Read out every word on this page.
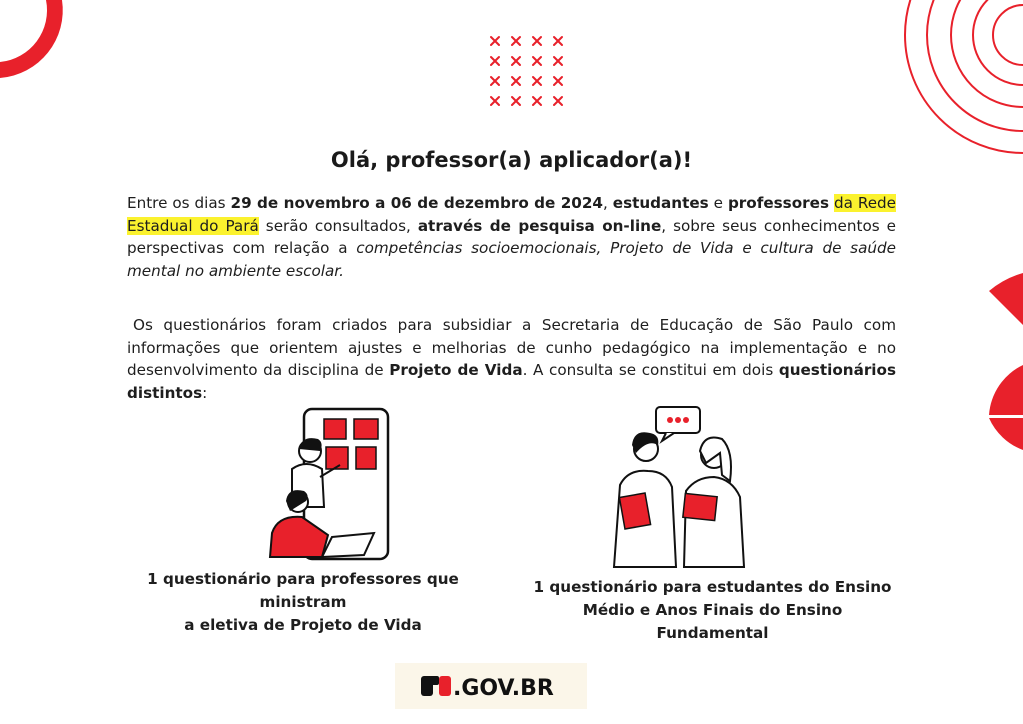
Olá, professor(a) aplicador(a)!
Entre os dias 29 de novembro a 06 de dezembro de 2024, estudantes e professores da Rede Estadual do Pará serão consultados, através de pesquisa on-line, sobre seus conhecimentos e perspectivas com relação a competências socioemocionais, Projeto de Vida e cultura de saúde mental no ambiente escolar.
Os questionários foram criados para subsidiar a Secretaria de Educação de São Paulo com informações que orientem ajustes e melhorias de cunho pedagógico na implementação e no desenvolvimento da disciplina de Projeto de Vida. A consulta se constitui em dois questionários distintos:
1 questionário para professores que
ministram
a eletiva de Projeto de Vida
1 questionário para estudantes do Ensino
Médio e Anos Finais do Ensino
Fundamental
.GOV.BR
